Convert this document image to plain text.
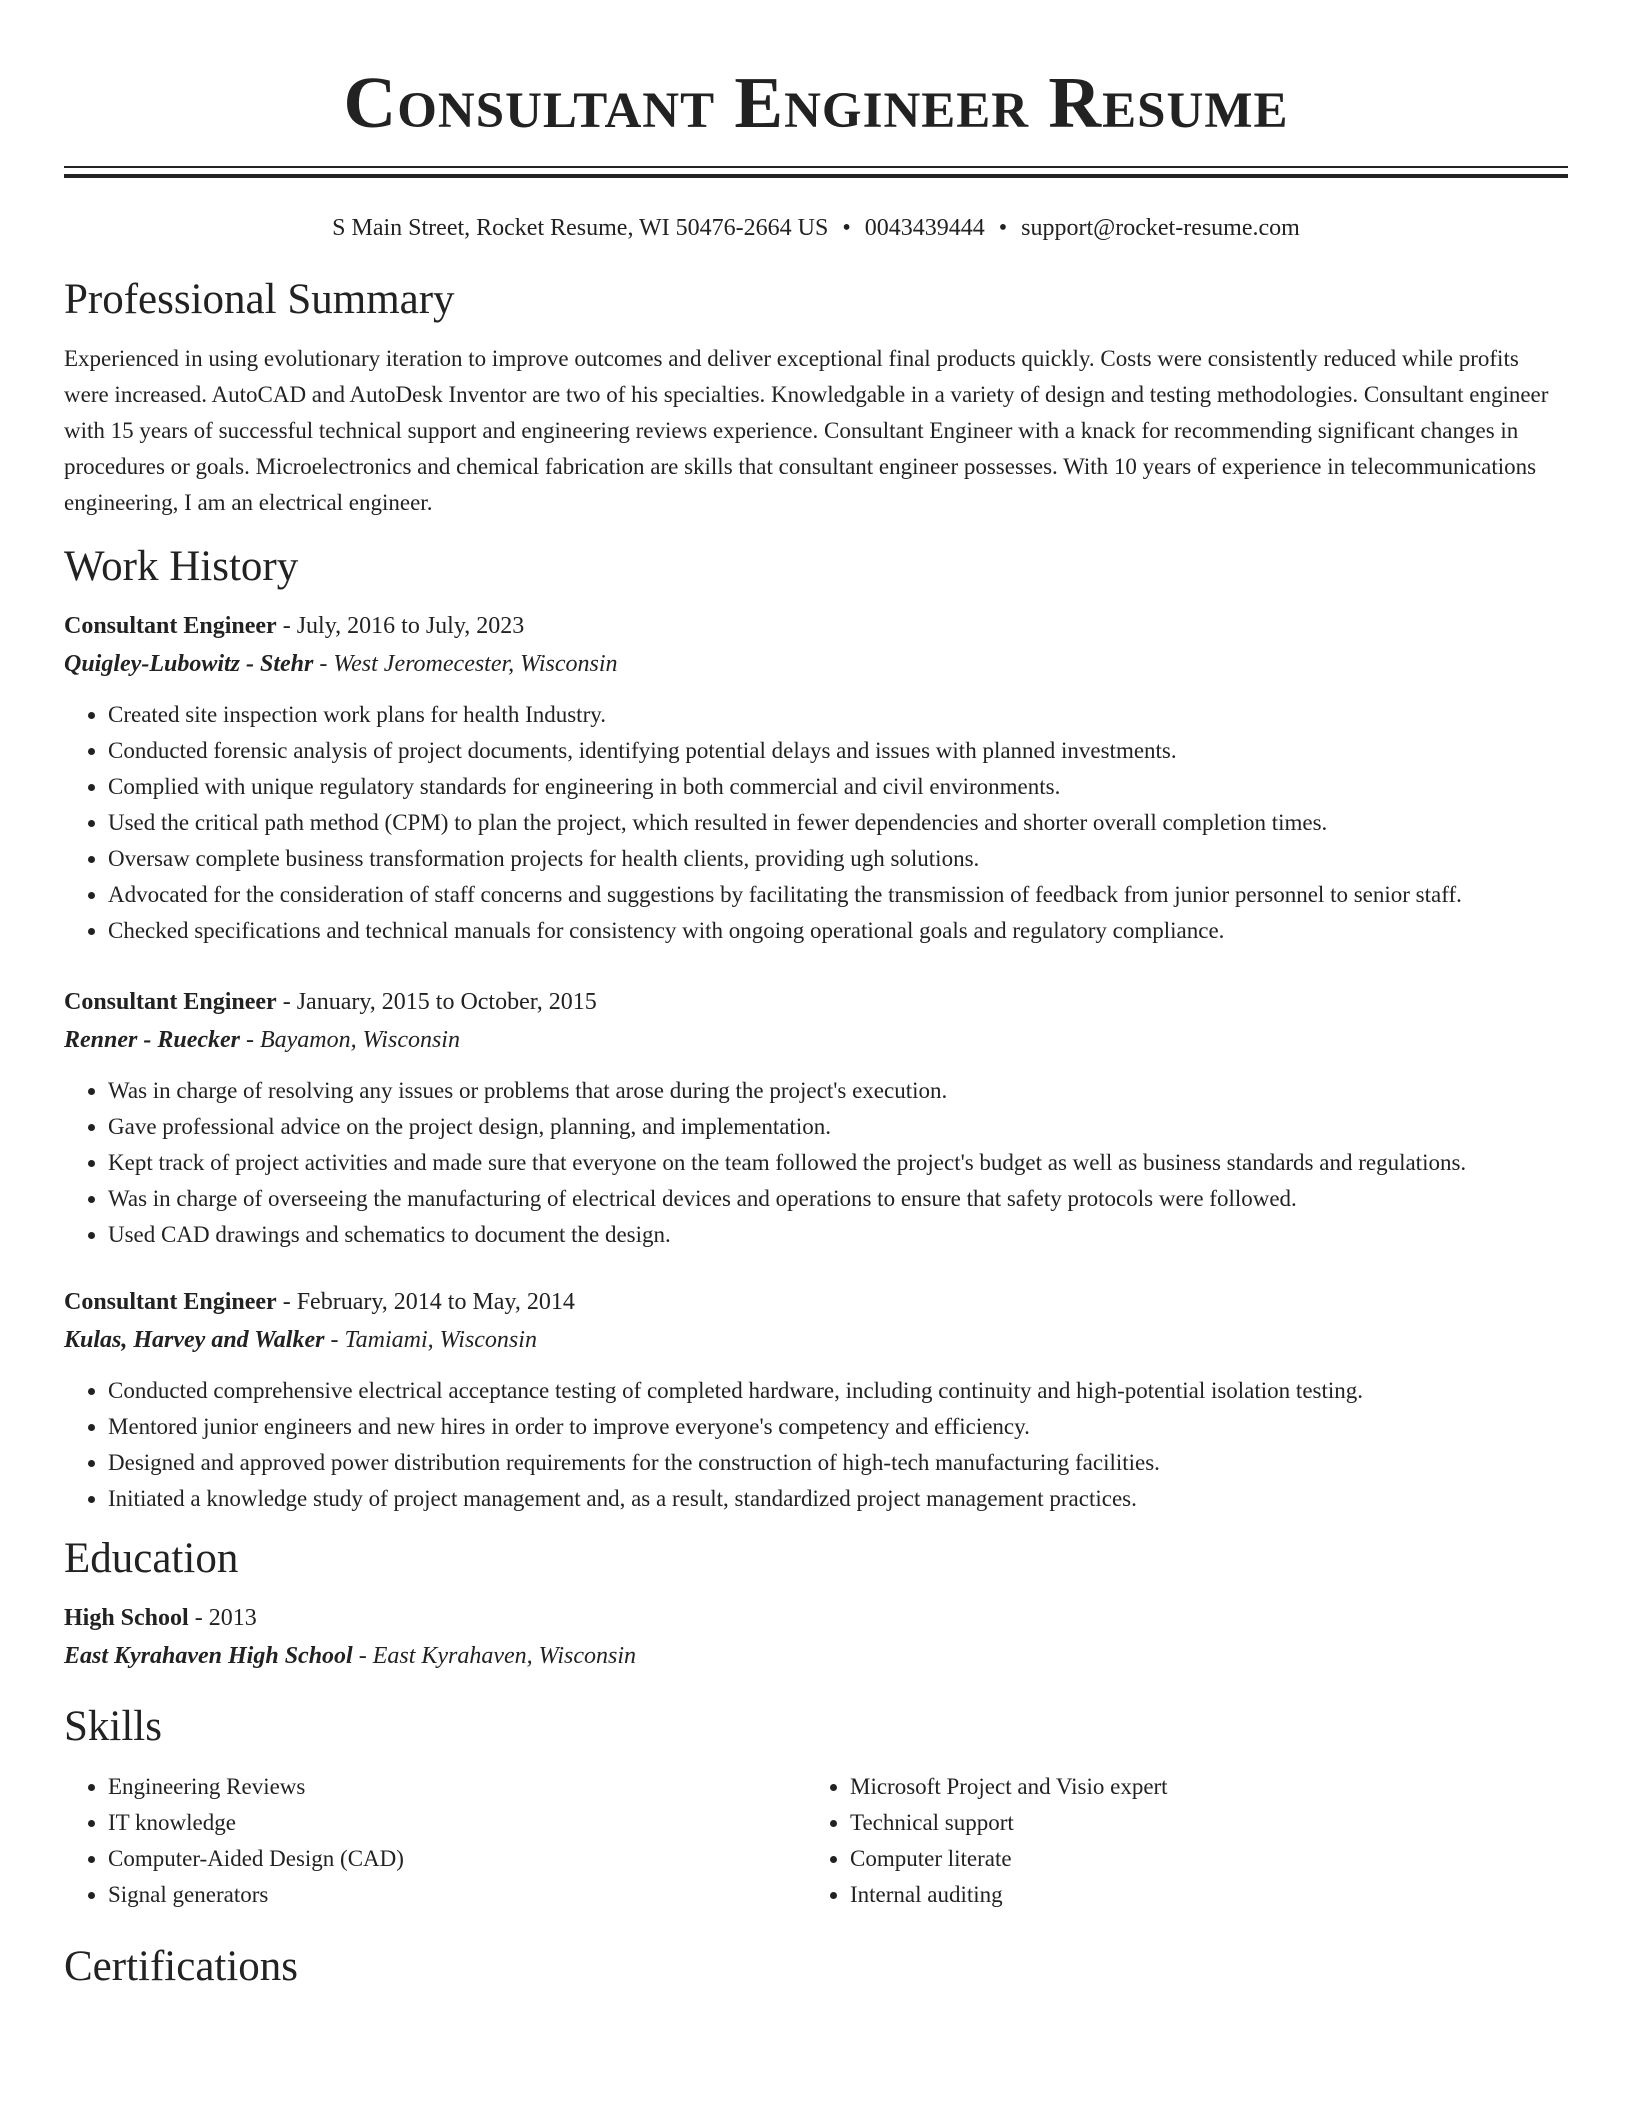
Consultant Engineer Resume
S Main Street, Rocket Resume, WI 50476-2664 US • 0043439444 • support@rocket-resume.com
Professional Summary

Experienced in using evolutionary iteration to improve outcomes and deliver exceptional final products quickly. Costs were consistently reduced while profits were increased. AutoCAD and AutoDesk Inventor are two of his specialties. Knowledgable in a variety of design and testing methodologies. Consultant engineer with 15 years of successful technical support and engineering reviews experience. Consultant Engineer with a knack for recommending significant changes in procedures or goals. Microelectronics and chemical fabrication are skills that consultant engineer possesses. With 10 years of experience in telecommunications engineering, I am an electrical engineer.

Work History
Consultant Engineer - July, 2016 to July, 2023
Quigley-Lubowitz - Stehr - West Jeromecester, Wisconsin
• Created site inspection work plans for health Industry.
• Conducted forensic analysis of project documents, identifying potential delays and issues with planned investments.
• Complied with unique regulatory standards for engineering in both commercial and civil environments.
• Used the critical path method (CPM) to plan the project, which resulted in fewer dependencies and shorter overall completion times.
• Oversaw complete business transformation projects for health clients, providing ugh solutions.
• Advocated for the consideration of staff concerns and suggestions by facilitating the transmission of feedback from junior personnel to senior staff.
• Checked specifications and technical manuals for consistency with ongoing operational goals and regulatory compliance.
Consultant Engineer - January, 2015 to October, 2015
Renner - Ruecker - Bayamon, Wisconsin
• Was in charge of resolving any issues or problems that arose during the project's execution.
• Gave professional advice on the project design, planning, and implementation.
• Kept track of project activities and made sure that everyone on the team followed the project's budget as well as business standards and regulations.
• Was in charge of overseeing the manufacturing of electrical devices and operations to ensure that safety protocols were followed.
• Used CAD drawings and schematics to document the design.
Consultant Engineer - February, 2014 to May, 2014
Kulas, Harvey and Walker - Tamiami, Wisconsin
• Conducted comprehensive electrical acceptance testing of completed hardware, including continuity and high-potential isolation testing.
• Mentored junior engineers and new hires in order to improve everyone's competency and efficiency.
• Designed and approved power distribution requirements for the construction of high-tech manufacturing facilities.
• Initiated a knowledge study of project management and, as a result, standardized project management practices.
Education
High School - 2013
East Kyrahaven High School - East Kyrahaven, Wisconsin
Skills
• Engineering Reviews
• IT knowledge
• Computer-Aided Design (CAD)
• Signal generators
• Microsoft Project and Visio expert
• Technical support
• Computer literate
• Internal auditing
Certifications
